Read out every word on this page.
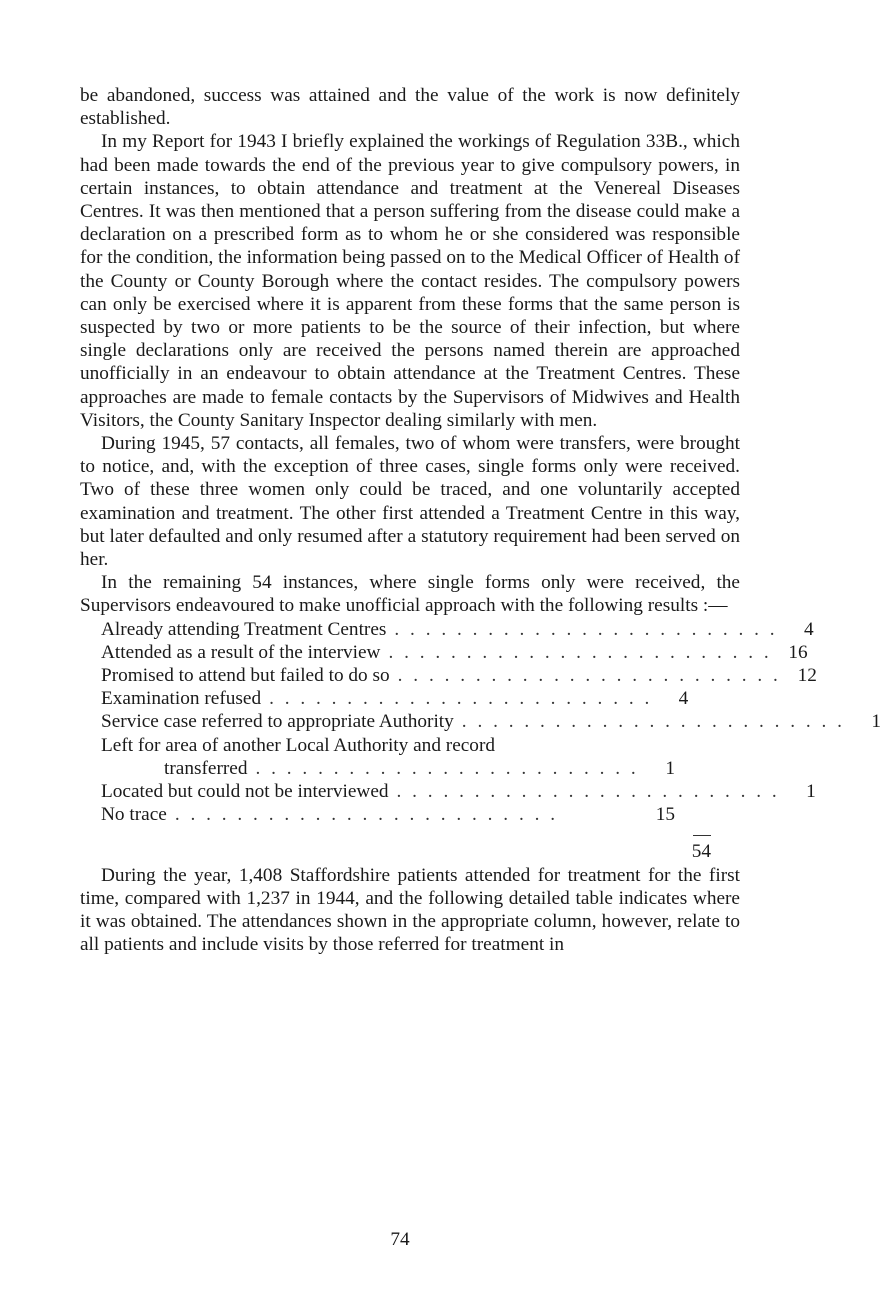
be abandoned, success was attained and the value of the work is now definitely established.

In my Report for 1943 I briefly explained the workings of Regulation 33B., which had been made towards the end of the previous year to give compulsory powers, in certain instances, to obtain attendance and treatment at the Venereal Diseases Centres. It was then mentioned that a person suffering from the disease could make a declaration on a prescribed form as to whom he or she considered was responsible for the condition, the information being passed on to the Medical Officer of Health of the County or County Borough where the contact resides. The compulsory powers can only be exercised where it is apparent from these forms that the same person is suspected by two or more patients to be the source of their infection, but where single declarations only are received the persons named therein are approached unofficially in an endeavour to obtain attendance at the Treatment Centres. These approaches are made to female contacts by the Supervisors of Midwives and Health Visitors, the County Sanitary Inspector dealing similarly with men.

During 1945, 57 contacts, all females, two of whom were transfers, were brought to notice, and, with the exception of three cases, single forms only were received. Two of these three women only could be traced, and one voluntarily accepted examination and treatment. The other first attended a Treatment Centre in this way, but later defaulted and only resumed after a statutory requirement had been served on her.

In the remaining 54 instances, where single forms only were received, the Supervisors endeavoured to make unofficial approach with the following results :—

Already attending Treatment Centres . . . . . . . . . . . . . . . . . . . . . . . . .	4
Attended as a result of the interview . . . . . . . . . . . . . . . . . . . . . . . . . 16
Promised to attend but failed to do so . . . . . . . . . . . . . . . . . . . . . . . . . 12
Examination refused . . . . . . . . . . . . . . . . . . . . . . . . .	4
Service case referred to appropriate Authority . . . . . . . . . . . . . . . . . . . . . . . . .	1
Left for area of another Local Authority and record
transferred . . . . . . . . . . . . . . . . . . . . . . . . .	1
Located but could not be interviewed . . . . . . . . . . . . . . . . . . . . . . . . .	1
No trace . . . . . . . . . . . . . . . . . . . . . . . . .	15
54

During the year, 1,408 Staffordshire patients attended for treatment for the first time, compared with 1,237 in 1944, and the following detailed table indicates where it was obtained. The attendances shown in the appropriate column, however, relate to all patients and include visits by those referred for treatment in

74
